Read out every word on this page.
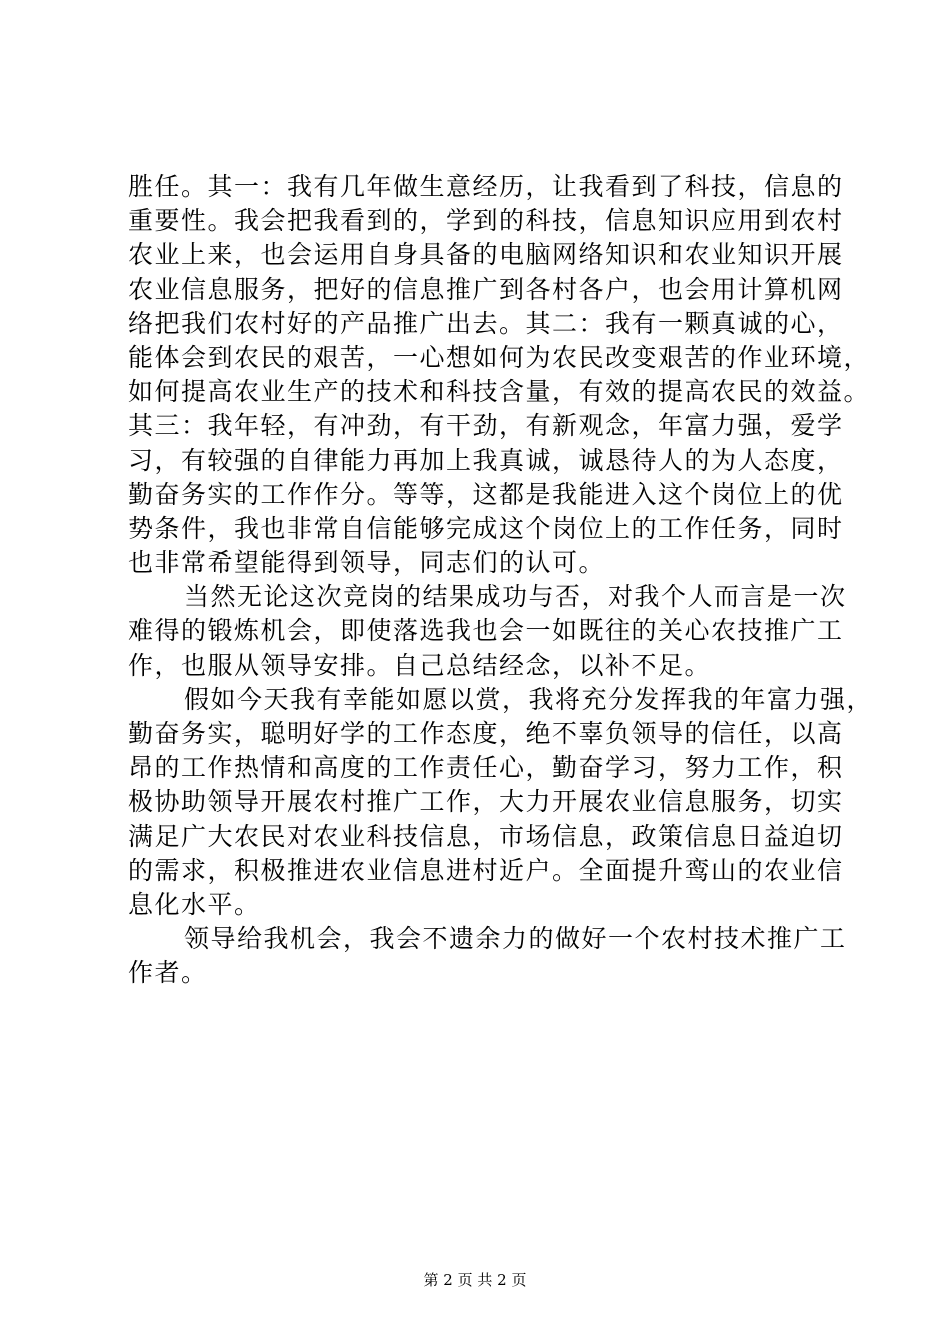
胜任。其一：我有几年做生意经历，让我看到了科技，信息的
重要性。我会把我看到的，学到的科技，信息知识应用到农村
农业上来，也会运用自身具备的电脑网络知识和农业知识开展
农业信息服务，把好的信息推广到各村各户，也会用计算机网
络把我们农村好的产品推广出去。其二：我有一颗真诚的心，
能体会到农民的艰苦，一心想如何为农民改变艰苦的作业环境，
如何提高农业生产的技术和科技含量，有效的提高农民的效益。
其三：我年轻，有冲劲，有干劲，有新观念，年富力强，爱学
习，有较强的自律能力再加上我真诚，诚恳待人的为人态度，
勤奋务实的工作作分。等等，这都是我能进入这个岗位上的优
势条件，我也非常自信能够完成这个岗位上的工作任务，同时
也非常希望能得到领导，同志们的认可。
当然无论这次竞岗的结果成功与否，对我个人而言是一次
难得的锻炼机会，即使落选我也会一如既往的关心农技推广工
作，也服从领导安排。自己总结经念，以补不足。
假如今天我有幸能如愿以赏，我将充分发挥我的年富力强，
勤奋务实，聪明好学的工作态度，绝不辜负领导的信任，以高
昂的工作热情和高度的工作责任心，勤奋学习，努力工作，积
极协助领导开展农村推广工作，大力开展农业信息服务，切实
满足广大农民对农业科技信息，市场信息，政策信息日益迫切
的需求，积极推进农业信息进村近户。全面提升鸾山的农业信
息化水平。
领导给我机会，我会不遗余力的做好一个农村技术推广工
作者。
第 2 页 共 2 页
